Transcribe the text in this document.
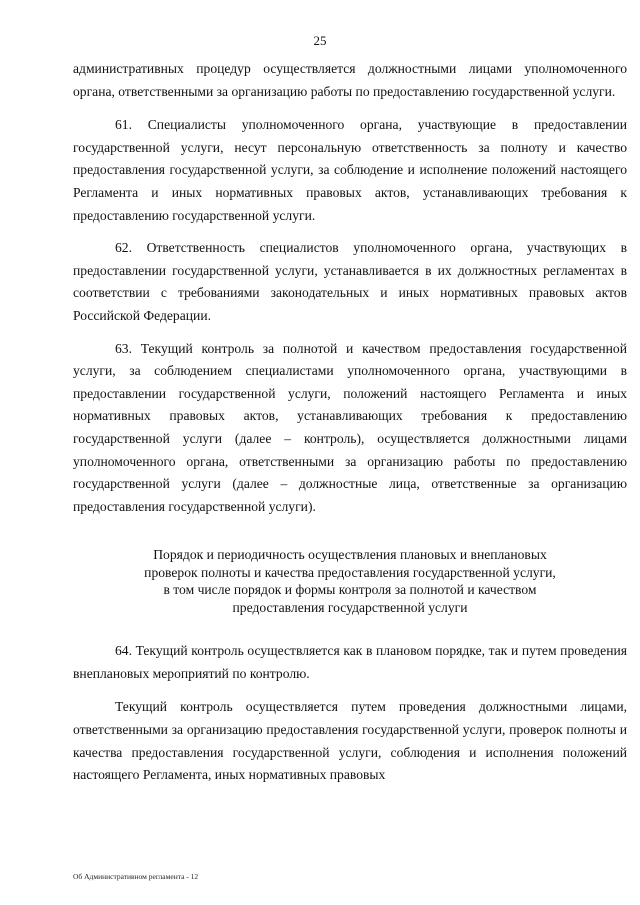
25

административных процедур осуществляется должностными лицами уполномоченного органа, ответственными за организацию работы по предоставлению государственной услуги.

61. Специалисты уполномоченного органа, участвующие в предоставлении государственной услуги, несут персональную ответственность за полноту и качество предоставления государственной услуги, за соблюдение и исполнение положений настоящего Регламента и иных нормативных правовых актов, устанавливающих требования к предоставлению государственной услуги.

62. Ответственность специалистов уполномоченного органа, участвующих в предоставлении государственной услуги, устанавливается в их должностных регламентах в соответствии с требованиями законодательных и иных нормативных правовых актов Российской Федерации.

63. Текущий контроль за полнотой и качеством предоставления государственной услуги, за соблюдением специалистами уполномоченного органа, участвующими в предоставлении государственной услуги, положений настоящего Регламента и иных нормативных правовых актов, устанавливающих требования к предоставлению государственной услуги (далее – контроль), осуществляется должностными лицами уполномоченного органа, ответственными за организацию работы по предоставлению государственной услуги (далее – должностные лица, ответственные за организацию предоставления государственной услуги).

Порядок и периодичность осуществления плановых и внеплановых
проверок полноты и качества предоставления государственной услуги,
в том числе порядок и формы контроля за полнотой и качеством
предоставления государственной услуги

64. Текущий контроль осуществляется как в плановом порядке, так и путем проведения внеплановых мероприятий по контролю.

Текущий контроль осуществляется путем проведения должностными лицами, ответственными за организацию предоставления государственной услуги, проверок полноты и качества предоставления государственной услуги, соблюдения и исполнения положений настоящего Регламента, иных нормативных правовых

Об Административном регламента - 12
